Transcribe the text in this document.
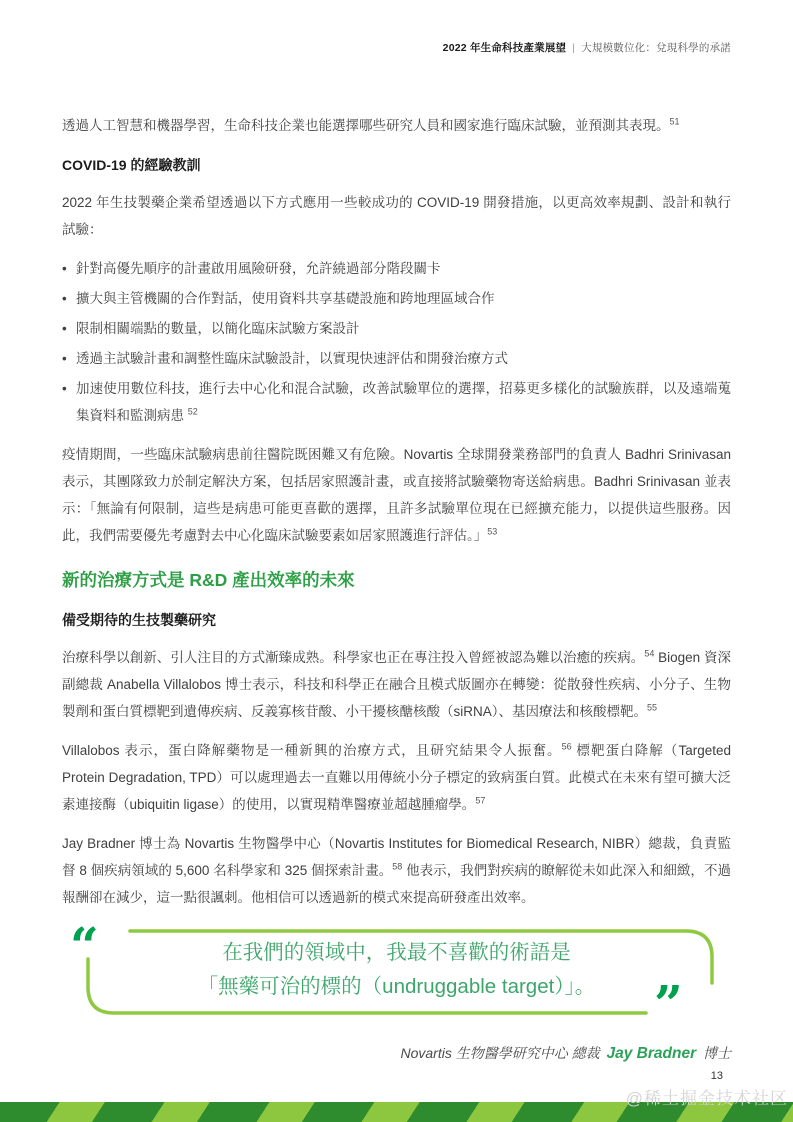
2022 年生命科技產業展望 | 大規模數位化：兌現科學的承諾

透過人工智慧和機器學習，生命科技企業也能選擇哪些研究人員和國家進行臨床試驗，並預測其表現。$^{51}$

COVID-19 的經驗教訓

2022 年生技製藥企業希望透過以下方式應用一些較成功的 COVID-19 開發措施，以更高效率規劃、設計和執行試驗：

• 針對高優先順序的計畫啟用風險研發，允許繞過部分階段關卡
• 擴大與主管機關的合作對話，使用資料共享基礎設施和跨地理區域合作
• 限制相關端點的數量，以簡化臨床試驗方案設計
• 透過主試驗計畫和調整性臨床試驗設計，以實現快速評估和開發治療方式
• 加速使用數位科技，進行去中心化和混合試驗，改善試驗單位的選擇，招募更多樣化的試驗族群，以及遠端蒐集資料和監測病患 $^{52}$

疫情期間，一些臨床試驗病患前往醫院既困難又有危險。Novartis 全球開發業務部門的負責人 Badhri Srinivasan 表示，其團隊致力於制定解決方案，包括居家照護計畫，或直接將試驗藥物寄送給病患。Badhri Srinivasan 並表示：「無論有何限制，這些是病患可能更喜歡的選擇，且許多試驗單位現在已經擴充能力，以提供這些服務。因此，我們需要優先考慮對去中心化臨床試驗要素如居家照護進行評估。」$^{53}$

新的治療方式是 R&D 產出效率的未來
備受期待的生技製藥研究

治療科學以創新、引人注目的方式漸臻成熟。科學家也正在專注投入曾經被認為難以治癒的疾病。$^{54}$ Biogen 資深副總裁 Anabella Villalobos 博士表示，科技和科學正在融合且模式版圖亦在轉變：從散發性疾病、小分子、生物製劑和蛋白質標靶到遺傳疾病、反義寡核苷酸、小干擾核醣核酸（siRNA）、基因療法和核酸標靶。$^{55}$

Villalobos 表示，蛋白降解藥物是一種新興的治療方式，且研究結果令人振奮。$^{56}$ 標靶蛋白降解（Targeted Protein Degradation, TPD）可以處理過去一直難以用傳統小分子標定的致病蛋白質。此模式在未來有望可擴大泛素連接酶（ubiquitin ligase）的使用，以實現精準醫療並超越腫瘤學。$^{57}$

Jay Bradner 博士為 Novartis 生物醫學中心（Novartis Institutes for Biomedical Research, NIBR）總裁，負責監督 8 個疾病領域的 5,600 名科學家和 325 個探索計畫。$^{58}$ 他表示，我們對疾病的瞭解從未如此深入和細緻，不過報酬卻在減少，這一點很諷刺。他相信可以透過新的模式來提高研發產出效率。

“	在我們的領域中，我最不喜歡的術語是
「無藥可治的標的（undruggable target）」。	”
Novartis 生物醫學研究中心 總裁 Jay Bradner 博士
13
@稀土掘金技术社区
